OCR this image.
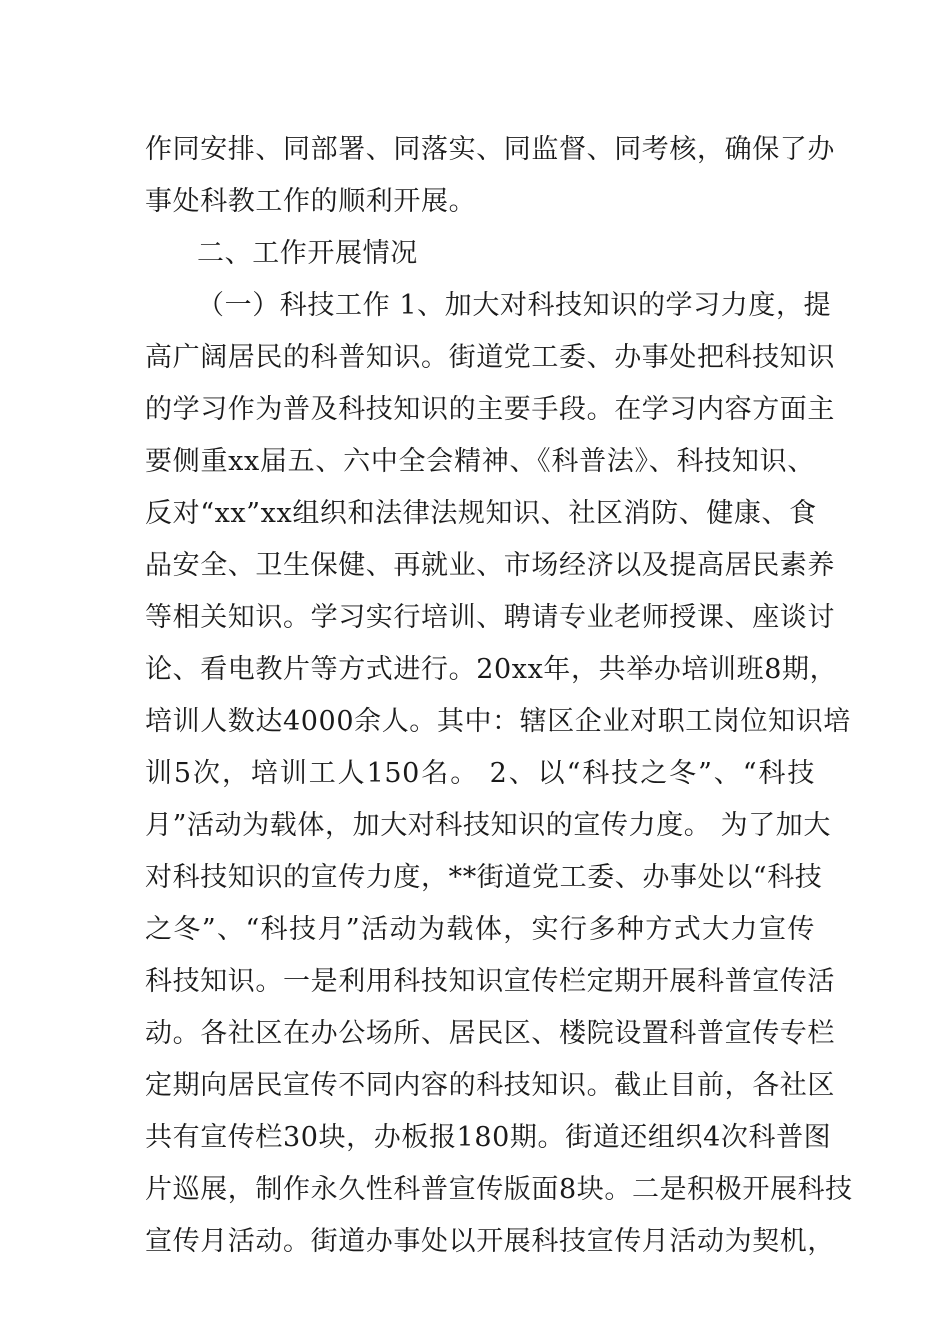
作同安排、同部署、同落实、同监督、同考核，确保了办
事处科教工作的顺利开展。
二、工作开展情况
（一）科技工作 1、加大对科技知识的学习力度，提
高广阔居民的科普知识。街道党工委、办事处把科技知识
的学习作为普及科技知识的主要手段。在学习内容方面主
要侧重xx届五、六中全会精神、《科普法》、科技知识、
反对“xx”xx组织和法律法规知识、社区消防、健康、食
品安全、卫生保健、再就业、市场经济以及提高居民素养
等相关知识。学习实行培训、聘请专业老师授课、座谈讨
论、看电教片等方式进行。20xx年，共举办培训班8期，
培训人数达4000余人。其中：辖区企业对职工岗位知识培
训5次，培训工人150名。 2、以“科技之冬”、“科技
月”活动为载体，加大对科技知识的宣传力度。 为了加大
对科技知识的宣传力度，**街道党工委、办事处以“科技
之冬”、“科技月”活动为载体，实行多种方式大力宣传
科技知识。一是利用科技知识宣传栏定期开展科普宣传活
动。各社区在办公场所、居民区、楼院设置科普宣传专栏
定期向居民宣传不同内容的科技知识。截止目前，各社区
共有宣传栏30块，办板报180期。街道还组织4次科普图
片巡展，制作永久性科普宣传版面8块。二是积极开展科技
宣传月活动。街道办事处以开展科技宣传月活动为契机，
